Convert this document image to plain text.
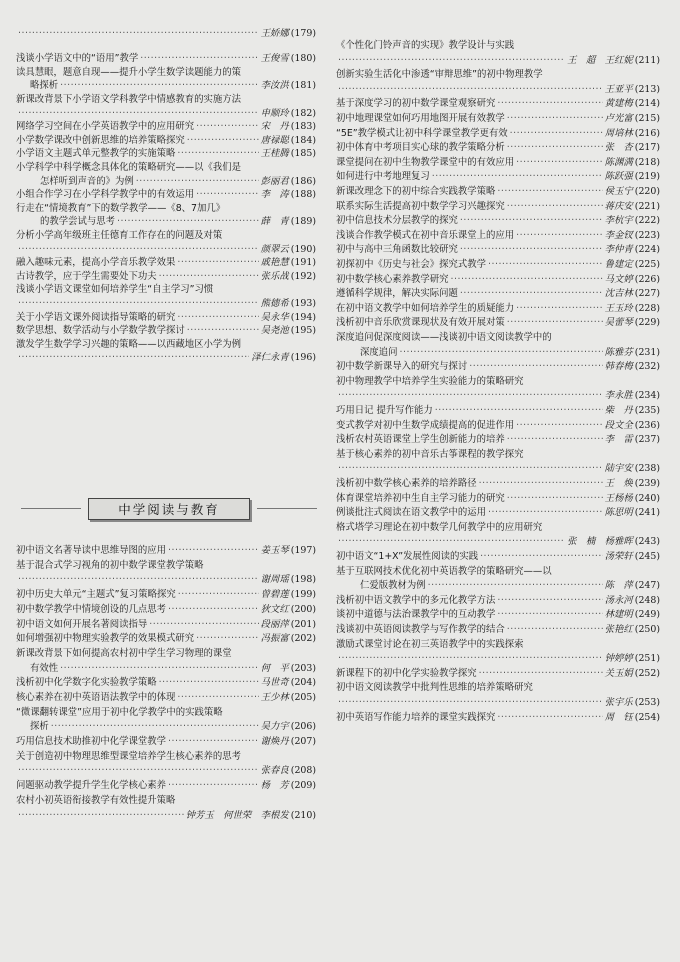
·····
王娇娜 (179)
浅谈小学语文中的“语用”教学 ·····	王俊雪 (180)
读具慧眼，题意自现——提升小学生数学读题能力的策
略探析 ·····	李汝洪 (181)
新课改背景下小学语文学科教学中情感教育的实施方法
·····
申顺玲 (182)
网络学习空间在小学英语教学中的应用研究 ·····	宋　丹 (183)
小学数学课改中创新思维的培养策略探究 ·····	唐禄聪 (184)
小学语文主题式单元整教学的实施策略 ·····	王桂腾 (185)
小学科学中科学概念具体化的策略研究——以《我们是
怎样听到声音的》为例 ·····	彭丽君 (186)
小组合作学习在小学科学教学中的有效运用 ·····	李　涛 (188)
行走在“情境教育”下的数学教学——《8、7加几》
的教学尝试与思考 ·····	薛　青 (189)
分析小学高年级班主任德育工作存在的问题及对策
·····
颜翠云 (190)
融入趣味元素，提高小学音乐教学效果 ·····	戚艳慧 (191)
古诗教学，应于学生需要处下功夫 ·····	张乐战 (192)
浅谈小学语文课堂如何培养学生“自主学习”习惯
·····
熊德希 (193)
关于小学语文课外阅读指导策略的研究 ·····	吴永华 (194)
数学思想、数学活动与小学数学教学探讨 ·····	吴尧池 (195)
激发学生数学学习兴趣的策略——以西藏地区小学为例
·····
泽仁永青 (196)
中学阅读与教育
初中语文名著导读中思维导图的应用 ·····	姜玉琴 (197)
基于混合式学习视角的初中数学课堂教学策略
·····
谢周瑶 (198)
初中历史大单元“主题式”复习策略探究 ·····	曾碧莲 (199)
初中数学教学中情境创设的几点思考 ·····	狄文红 (200)
初中语文如何开展名著阅读指导 ·····	段丽萍 (201)
如何增强初中物理实验教学的效果模式研究 ·····	冯振富 (202)
新课改背景下如何提高农村初中学生学习物理的课堂
有效性 ·····	何　平 (203)
浅析初中化学数字化实验教学策略 ·····	马世奇 (204)
核心素养在初中英语语法教学中的体现 ·····	王少林 (205)
“微课翻转课堂”应用于初中化学教学中的实践策略
探析 ·····	吴力宇 (206)
巧用信息技术助推初中化学课堂教学 ·····	谢焕丹 (207)
关于创造初中物理思维型课堂培养学生核心素养的思考
·····
张春良 (208)
问题驱动教学提升学生化学核心素养 ·····	杨　芳 (209)
农村小初英语衔接教学有效性提升策略
·····
钟芳玉　何世荣　李根发 (210)
《个性化门铃声音的实现》教学设计与实践
·····
王　超　王红妮 (211)
创新实验生活化中渗透“审辩思维”的初中物理教学
·····
王亚平 (213)
基于深度学习的初中数学课堂观察研究 ·····	黄建梅 (214)
初中地理课堂如何巧用地图开展有效教学 ·····	卢光富 (215)
“5E”教学模式让初中科学课堂教学更有效 ·····	周培林 (216)
初中体育中考项目实心球的教学策略分析 ·····	张　杏 (217)
课堂提问在初中生物教学课堂中的有效应用 ·····	陈渊满 (218)
如何进行中考地理复习 ·····	陈跃强 (219)
新课改理念下的初中综合实践教学策略 ·····	侯玉宁 (220)
联系实际生活提高初中数学学习兴趣探究 ·····	蒋庆安 (221)
初中信息技术分层教学的探究 ·····	李杭宇 (222)
浅谈合作教学模式在初中音乐课堂上的应用 ·····	李金钗 (223)
初中与高中三角函数比较研究 ·····	李仲青 (224)
初探初中《历史与社会》探究式教学 ·····	鲁建定 (225)
初中数学核心素养教学研究 ·····	马文婷 (226)
遵循科学规律，解决实际问题 ·····	沈吉林 (227)
在初中语文教学中如何培养学生的质疑能力 ·····	王玉玲 (228)
浅析初中音乐欣赏课现状及有效开展对策 ·····	吴蕾琴 (229)
深度追问促深度阅读——浅谈初中语文阅读教学中的
深度追问 ·····	陈雅芬 (231)
初中数学新课导入的研究与探讨 ·····	韩春梅 (232)
初中物理教学中培养学生实验能力的策略研究
·····
李永胜 (234)
巧用日记 提升写作能力 ·····	柴　丹 (235)
变式教学对初中生数学成绩提高的促进作用 ·····	段文全 (236)
浅析农村英语课堂上学生创新能力的培养 ·····	李　雷 (237)
基于核心素养的初中音乐古筝课程的教学探究
·····
陆宇安 (238)
浅析初中数学核心素养的培养路径 ·····	王　焕 (239)
体育课堂培养初中生自主学习能力的研究 ·····	王杨杨 (240)
例谈批注式阅读在语文教学中的运用 ·····	陈思明 (241)
格式塔学习理论在初中数学几何教学中的应用研究
·····
张　楠　杨雅晖 (243)
初中语文“1+X”发展性阅读的实践 ·····	汤荣轩 (245)
基于互联网技术优化初中英语教学的策略研究——以
仁爱版教材为例 ·····	陈　萍 (247)
浅析初中语文教学中的多元化教学方法 ·····	汤永河 (248)
谈初中道德与法治课教学中的互动教学 ·····	林建明 (249)
浅谈初中英语阅读教学与写作教学的结合 ·····	张艳红 (250)
激励式课堂讨论在初三英语教学中的实践探索
·····
钟婷婷 (251)
新课程下的初中化学实验教学探究 ·····	关玉娟 (252)
初中语文阅读教学中批判性思维的培养策略研究
·····
张宇乐 (253)
初中英语写作能力培养的课堂实践探究 ·····	周　钰 (254)
